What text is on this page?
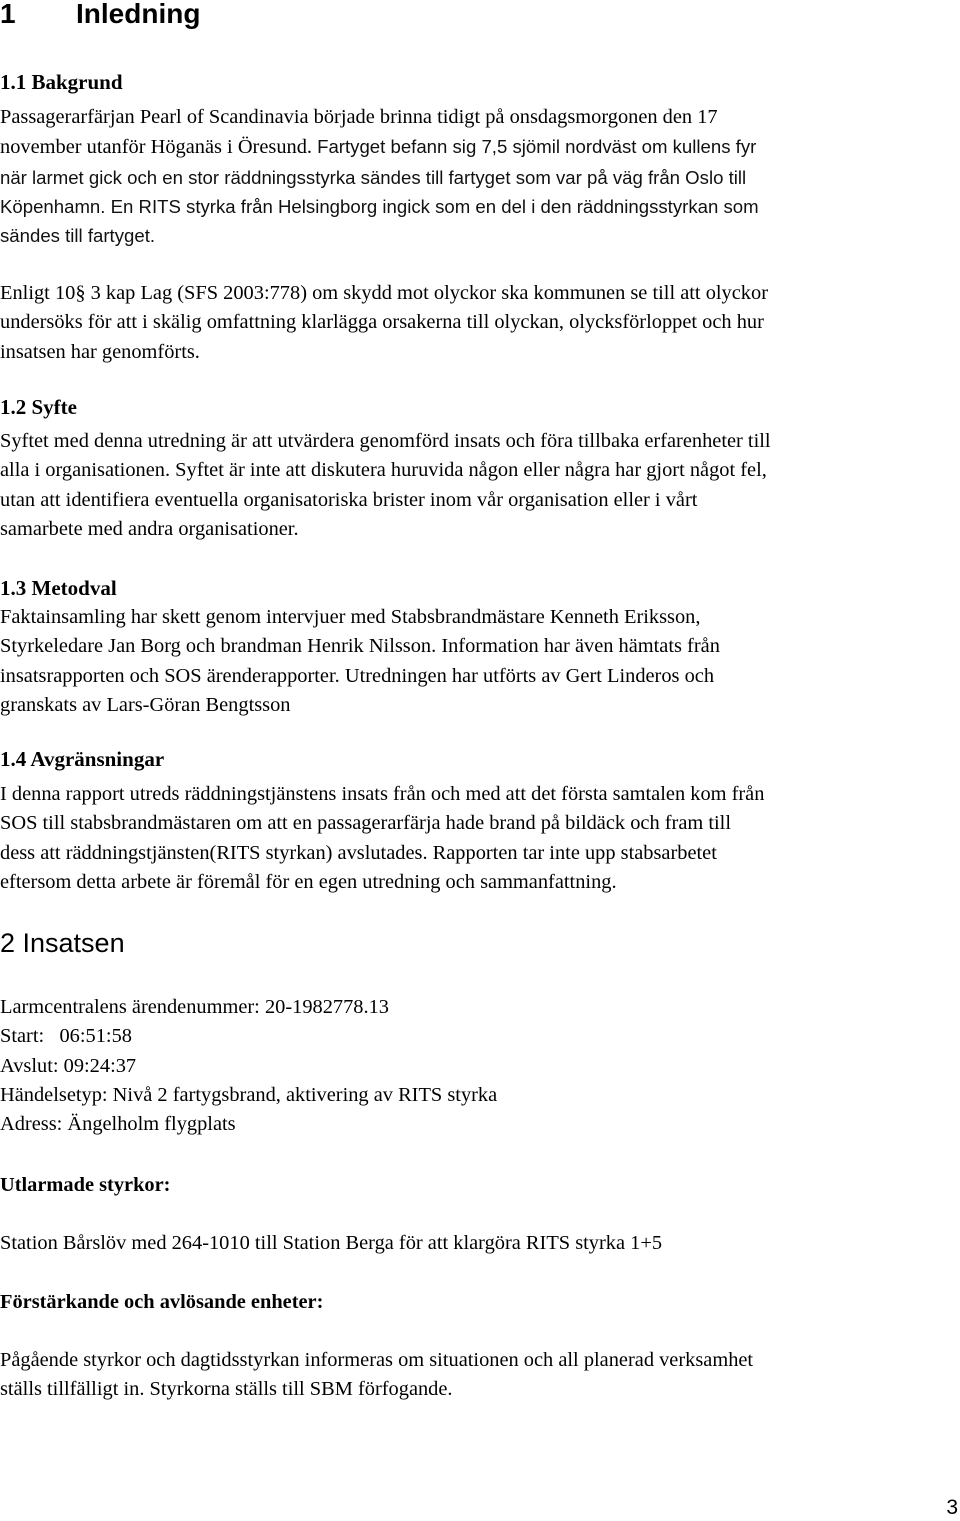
1 Inledning
1.1 Bakgrund
Passagerarfärjan Pearl of Scandinavia började brinna tidigt på onsdagsmorgonen den 17
november utanför Höganäs i Öresund. Fartyget befann sig 7,5 sjömil nordväst om kullens fyr
när larmet gick och en stor räddningsstyrka sändes till fartyget som var på väg från Oslo till
Köpenhamn. En RITS styrka från Helsingborg ingick som en del i den räddningsstyrkan som
sändes till fartyget.
Enligt 10§ 3 kap Lag (SFS 2003:778) om skydd mot olyckor ska kommunen se till att olyckor
undersöks för att i skälig omfattning klarlägga orsakerna till olyckan, olycksförloppet och hur
insatsen har genomförts.
1.2 Syfte
Syftet med denna utredning är att utvärdera genomförd insats och föra tillbaka erfarenheter till
alla i organisationen. Syftet är inte att diskutera huruvida någon eller några har gjort något fel,
utan att identifiera eventuella organisatoriska brister inom vår organisation eller i vårt
samarbete med andra organisationer.
1.3 Metodval
Faktainsamling har skett genom intervjuer med Stabsbrandmästare Kenneth Eriksson,
Styrkeledare Jan Borg och brandman Henrik Nilsson. Information har även hämtats från
insatsrapporten och SOS ärenderapporter. Utredningen har utförts av Gert Linderos och
granskats av Lars-Göran Bengtsson
1.4 Avgränsningar
I denna rapport utreds räddningstjänstens insats från och med att det första samtalen kom från
SOS till stabsbrandmästaren om att en passagerarfärja hade brand på bildäck och fram till
dess att räddningstjänsten(RITS styrkan) avslutades. Rapporten tar inte upp stabsarbetet
eftersom detta arbete är föremål för en egen utredning och sammanfattning.
2 Insatsen
Larmcentralens ärendenummer: 20-1982778.13
Start:   06:51:58
Avslut: 09:24:37
Händelsetyp: Nivå 2 fartygsbrand, aktivering av RITS styrka
Adress: Ängelholm flygplats
Utlarmade styrkor:
Station Bårslöv med 264-1010 till Station Berga för att klargöra RITS styrka 1+5
Förstärkande och avlösande enheter:
Pågående styrkor och dagtidsstyrkan informeras om situationen och all planerad verksamhet
ställs tillfälligt in. Styrkorna ställs till SBM förfogande.
3
